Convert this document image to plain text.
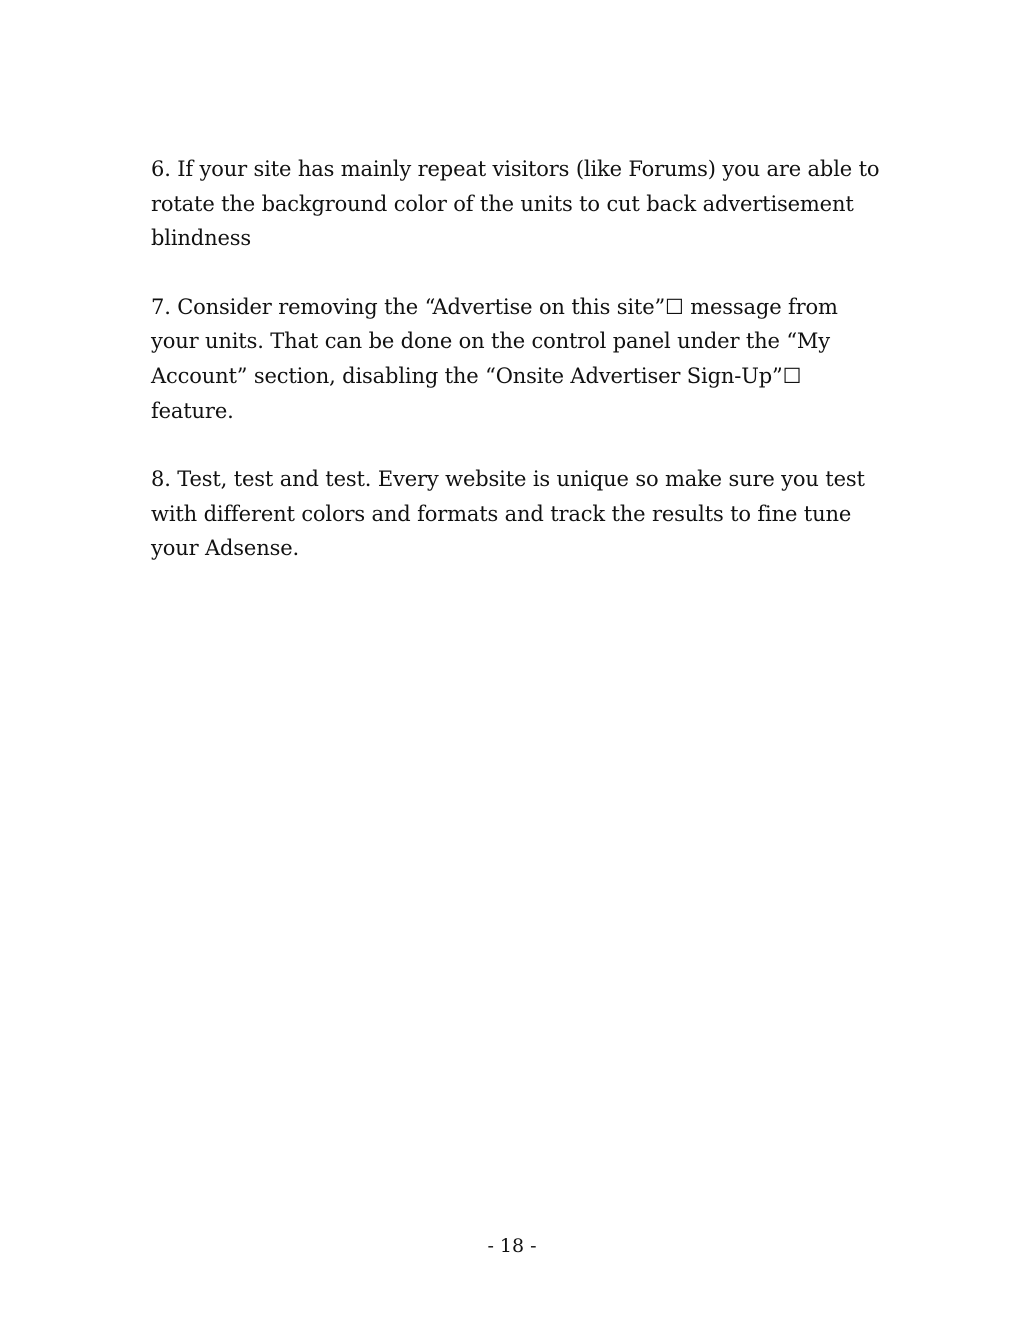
6. If your site has mainly repeat visitors (like Forums) you are able to
rotate the background color of the units to cut back advertisement
blindness

7. Consider removing the “Advertise on this site”☐ message from
your units. That can be done on the control panel under the “My
Account” section, disabling the “Onsite Advertiser Sign-Up”☐
feature.

8. Test, test and test. Every website is unique so make sure you test
with different colors and formats and track the results to fine tune
your Adsense.

- 18 -
